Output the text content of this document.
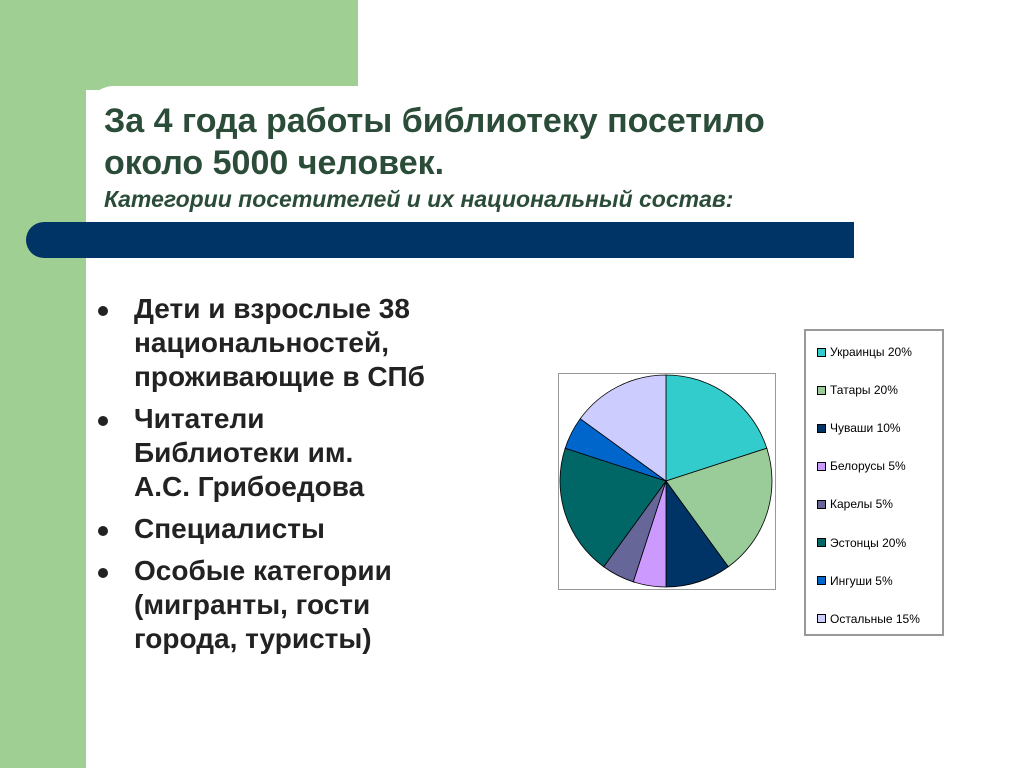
За 4 года работы библиотеку посетило
около 5000 человек.
Категории посетителей и их национальный состав:
Дети и взрослые 38
национальностей,
проживающие в СПб
Читатели
Библиотеки им.
А.С. Грибоедова
Специалисты
Особые категории
(мигранты, гости
города, туристы)
Украинцы 20%
Татары 20%
Чуваши 10%
Белорусы 5%
Карелы 5%
Эстонцы 20%
Ингуши 5%
Остальные 15%
